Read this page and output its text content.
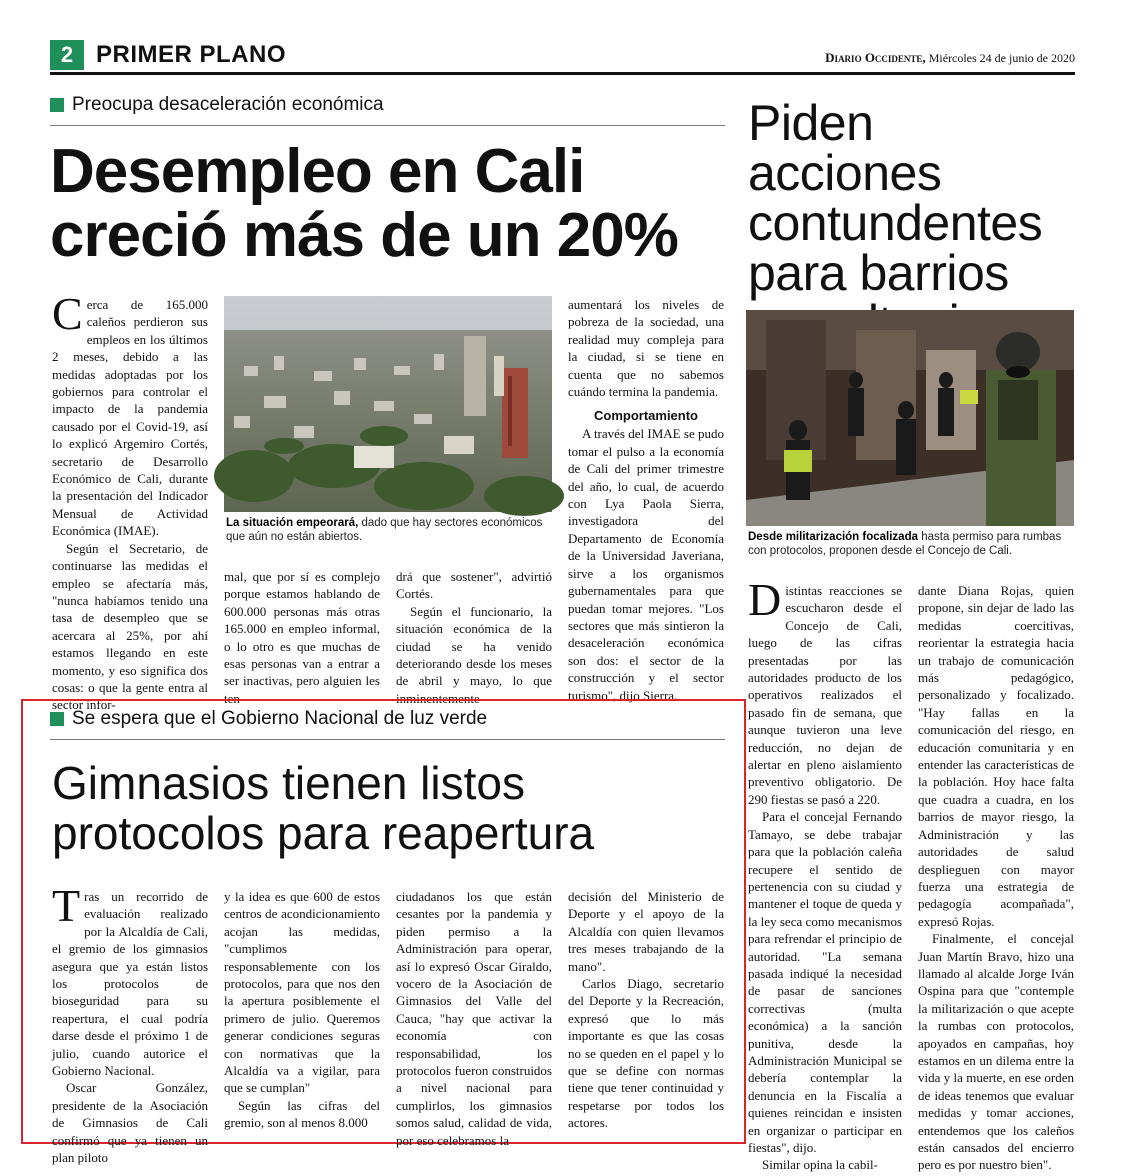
2 PRIMER PLANO	Diario Occidente, Miércoles 24 de junio de 2020
Preocupa desaceleración económica
Desempleo en Cali
creció más de un 20%

Cerca de 165.000 caleños perdieron sus empleos en los últimos 2 meses, debido a las medidas adoptadas por los gobiernos para controlar el impacto de la pandemia causado por el Covid-19, así lo explicó Argemiro Cortés, secretario de Desarrollo Económico de Cali, durante la presentación del Indicador Mensual de Actividad Económica (IMAE).

Según el Secretario, de continuarse las medidas el empleo se afectaría más, "nunca habíamos tenido una tasa de desempleo que se acercara al 25%, por ahí estamos llegando en este momento, y eso significa dos cosas: o que la gente entra al sector infor-

La situación empeorará, dado que hay sectores económicos que aún no están abiertos.

mal, que por sí es complejo porque estamos hablando de 600.000 personas más otras 165.000 en empleo informal, o lo otro es que muchas de esas personas van a entrar a ser inactivas, pero alguien les ten-

drá que sostener", advirtió Cortés.

Según el funcionario, la situación económica de la ciudad se ha venido deteriorando desde los meses de abril y mayo, lo que inminentemente

aumentará los niveles de pobreza de la sociedad, una realidad muy compleja para la ciudad, si se tiene en cuenta que no sabemos cuándo termina la pandemia.

Comportamiento

A través del IMAE se pudo tomar el pulso a la economía de Cali del primer trimestre del año, lo cual, de acuerdo con Lya Paola Sierra, investigadora del Departamento de Economía de la Universidad Javeriana, sirve a los organismos gubernamentales para que puedan tomar mejores. "Los sectores que más sintieron la desaceleración económica son dos: el sector de la construcción y el sector turismo", dijo Sierra.

Se espera que el Gobierno Nacional de luz verde
Gimnasios tienen listos
protocolos para reapertura

Tras un recorrido de evaluación realizado por la Alcaldía de Cali, el gremio de los gimnasios asegura que ya están listos los protocolos de bioseguridad para su reapertura, el cual podría darse desde el próximo 1 de julio, cuando autorice el Gobierno Nacional.

Oscar González, presidente de la Asociación de Gimnasios de Cali confirmó que ya tienen un plan piloto

y la idea es que 600 de estos centros de acondicionamiento acojan las medidas, "cumplimos responsablemente con los protocolos, para que nos den la apertura posiblemente el primero de julio. Queremos generar condiciones seguras con normativas que la Alcaldía va a vigilar, para que se cumplan"

Según las cifras del gremio, son al menos 8.000

ciudadanos los que están cesantes por la pandemia y piden permiso a la Administración para operar, así lo expresó Oscar Giraldo, vocero de la Asociación de Gimnasios del Valle del Cauca, "hay que activar la economía con responsabilidad, los protocolos fueron construidos a nivel nacional para cumplirlos, los gimnasios somos salud, calidad de vida, por eso celebramos la

decisión del Ministerio de Deporte y el apoyo de la Alcaldía con quien llevamos tres meses trabajando de la mano".

Carlos Diago, secretario del Deporte y la Recreación, expresó que lo más importante es que las cosas no se queden en el papel y lo que se define con normas tiene que tener continuidad y respetarse por todos los actores.

Piden acciones
contundentes
para barrios
Desde militarización focalizada hasta permiso para rumbas con protocolos, proponen desde el Concejo de Cali.

Distintas reacciones se escucharon desde el Concejo de Cali, luego de las cifras presentadas por las autoridades producto de los operativos realizados el pasado fin de semana, que aunque tuvieron una leve reducción, no dejan de alertar en pleno aislamiento preventivo obligatorio. De 290 fiestas se pasó a 220.

Para el concejal Fernando Tamayo, se debe trabajar para que la población caleña recupere el sentido de pertenencia con su ciudad y mantener el toque de queda y la ley seca como mecanismos para refrendar el principio de autoridad. "La semana pasada indiqué la necesidad de pasar de sanciones correctivas (multa económica) a la sanción punitiva, desde la Administración Municipal se debería contemplar la denuncia en la Fiscalía a quienes reincidan e insisten en organizar o participar en fiestas", dijo.

Similar opina la cabil-

dante Diana Rojas, quien propone, sin dejar de lado las medidas coercitivas, reorientar la estrategia hacia un trabajo de comunicación más pedagógico, personalizado y focalizado. "Hay fallas en la comunicación del riesgo, en educación comunitaria y en entender las características de la población. Hoy hace falta que cuadra a cuadra, en los barrios de mayor riesgo, la Administración y las autoridades de salud desplieguen con mayor fuerza una estrategia de pedagogía acompañada", expresó Rojas.

Finalmente, el concejal Juan Martín Bravo, hizo una llamado al alcalde Jorge Iván Ospina para que "contemple la militarización o que acepte la rumbas con protocolos, apoyados en campañas, hoy estamos en un dilema entre la vida y la muerte, en ese orden de ideas tenemos que evaluar medidas y tomar acciones, entendemos que los caleños están cansados del encierro pero es por nuestro bien".
